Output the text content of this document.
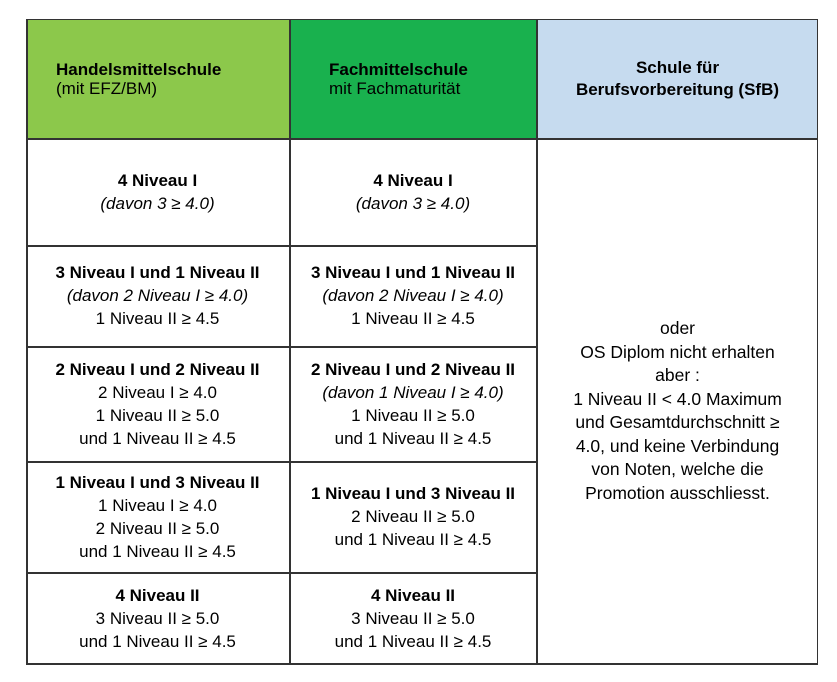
Handelsmittelschule
(mit EFZ/BM)
Fachmittelschule
mit Fachmaturität
Schule für
Berufsvorbereitung (SfB)
4 Niveau I
(davon 3 ≥ 4.0)
4 Niveau I
(davon 3 ≥ 4.0)
3 Niveau I und 1 Niveau II
(davon 2 Niveau I ≥ 4.0)
1 Niveau II ≥ 4.5
3 Niveau I und 1 Niveau II
(davon 2 Niveau I ≥ 4.0)
1 Niveau II ≥ 4.5
2 Niveau I und 2 Niveau II
2 Niveau I ≥ 4.0
1 Niveau II ≥ 5.0
und 1 Niveau II ≥ 4.5
2 Niveau I und 2 Niveau II
(davon 1 Niveau I ≥ 4.0)
1 Niveau II ≥ 5.0
und 1 Niveau II ≥ 4.5
1 Niveau I und 3 Niveau II
1 Niveau I ≥ 4.0
2 Niveau II ≥ 5.0
und 1 Niveau II ≥ 4.5
1 Niveau I und 3 Niveau II
2 Niveau II ≥ 5.0
und 1 Niveau II ≥ 4.5
4 Niveau II
3 Niveau II ≥ 5.0
und 1 Niveau II ≥ 4.5
4 Niveau II
3 Niveau II ≥ 5.0
und 1 Niveau II ≥ 4.5
oder
OS Diplom nicht erhalten
aber :
1 Niveau II < 4.0 Maximum
und Gesamtdurchschnitt ≥
4.0, und keine Verbindung
von Noten, welche die
Promotion ausschliesst.
